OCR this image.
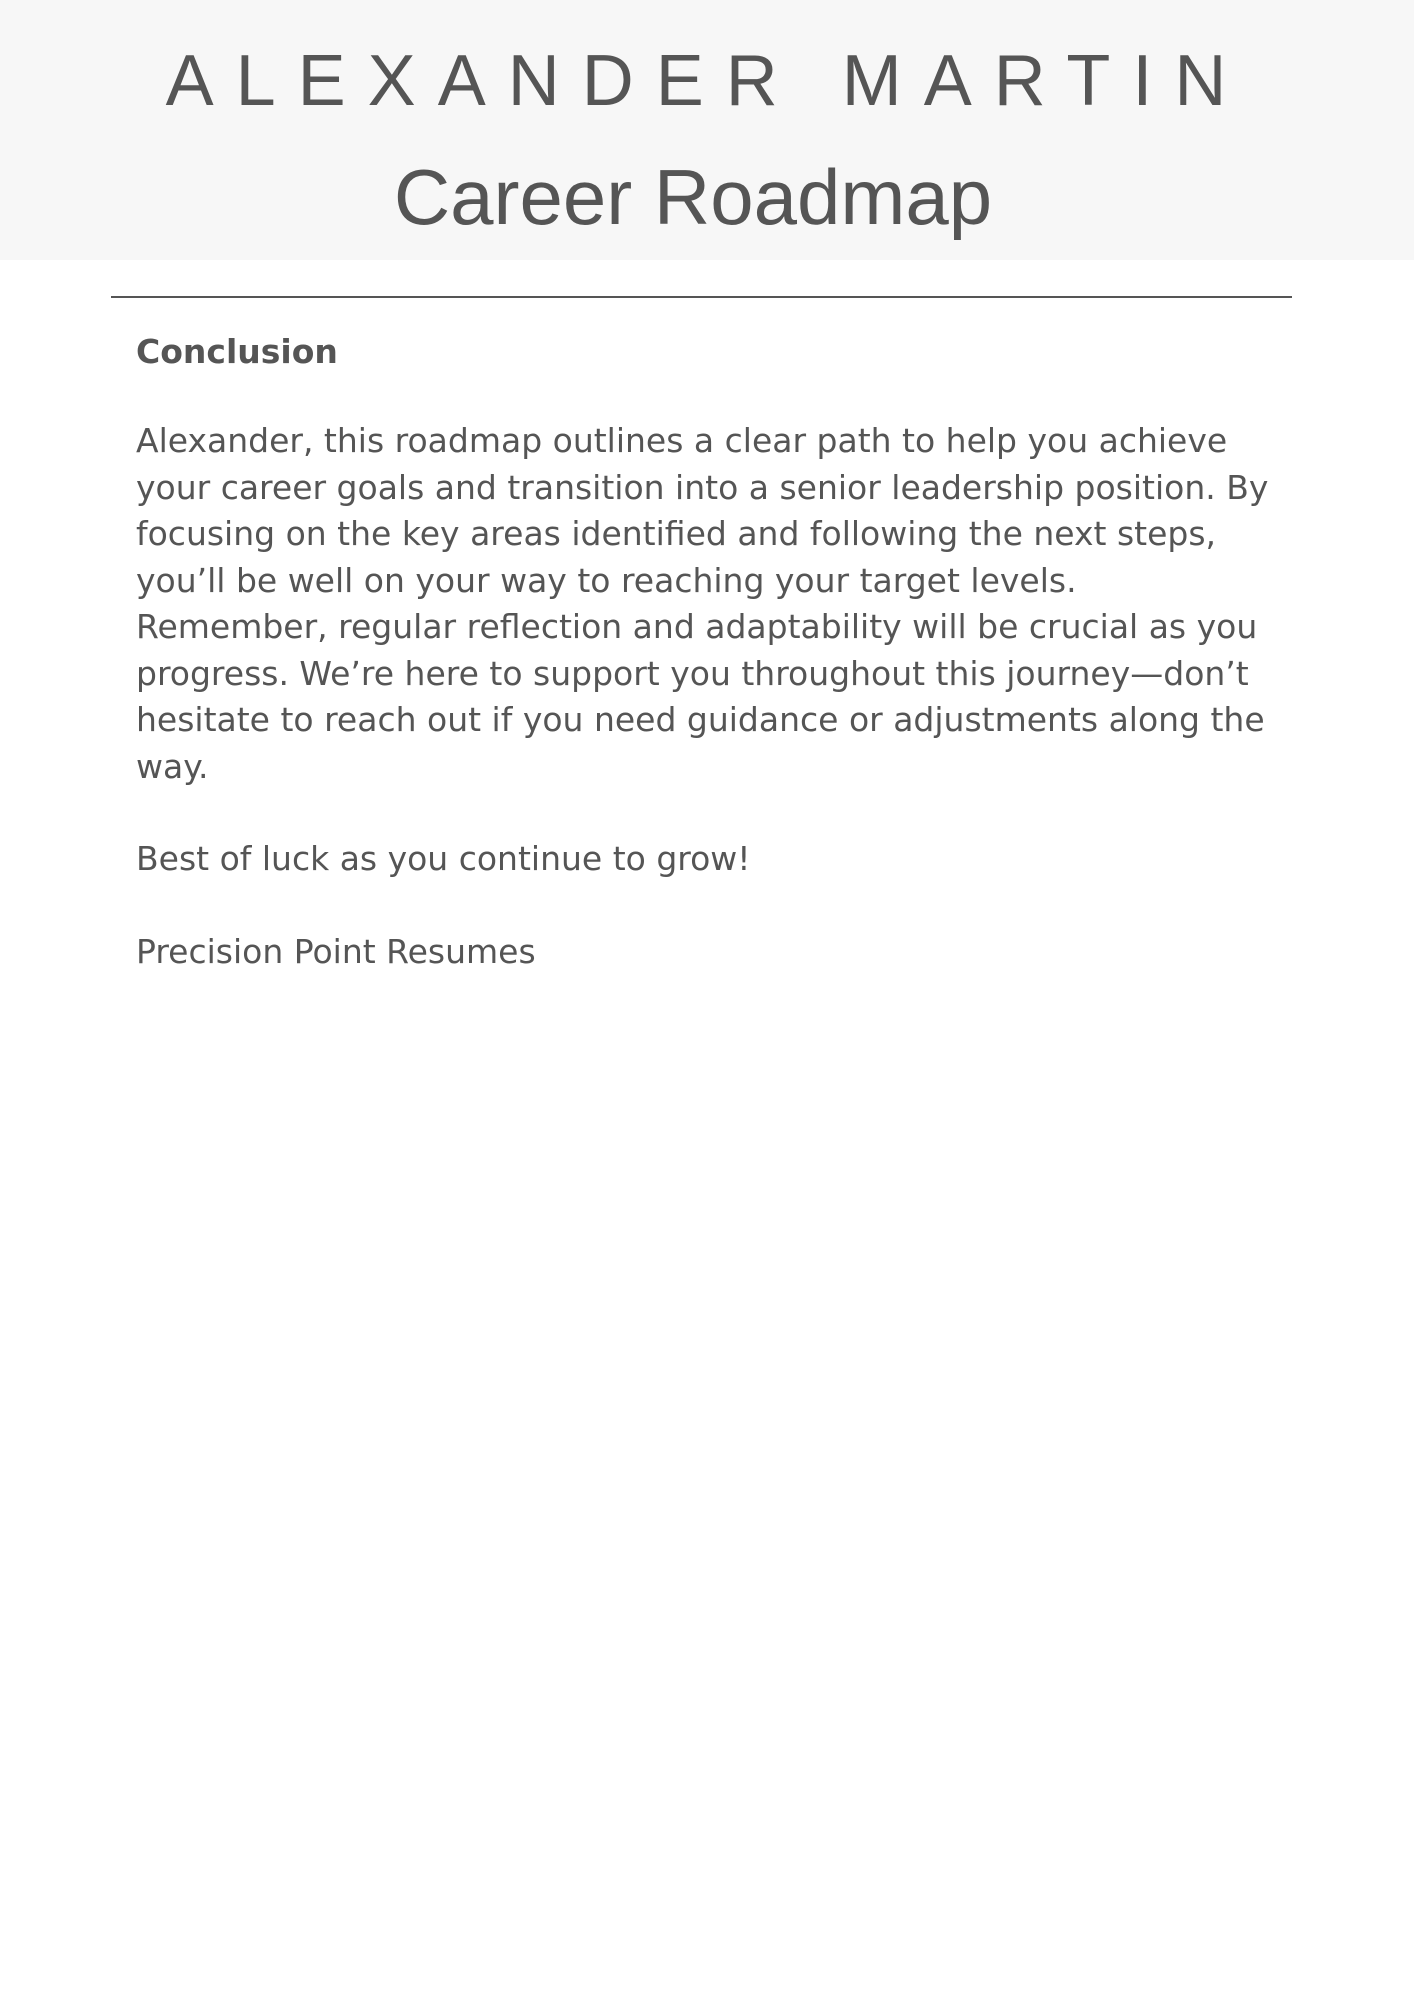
ALEXANDER MARTIN
Career Roadmap
Conclusion

Alexander, this roadmap outlines a clear path to help you achieve your career goals and transition into a senior leadership position. By focusing on the key areas identified and following the next steps, you’ll be well on your way to reaching your target levels.

Remember, regular reflection and adaptability will be crucial as you progress. We’re here to support you throughout this journey—don’t hesitate to reach out if you need guidance or adjustments along the way.

Best of luck as you continue to grow!

Precision Point Resumes
